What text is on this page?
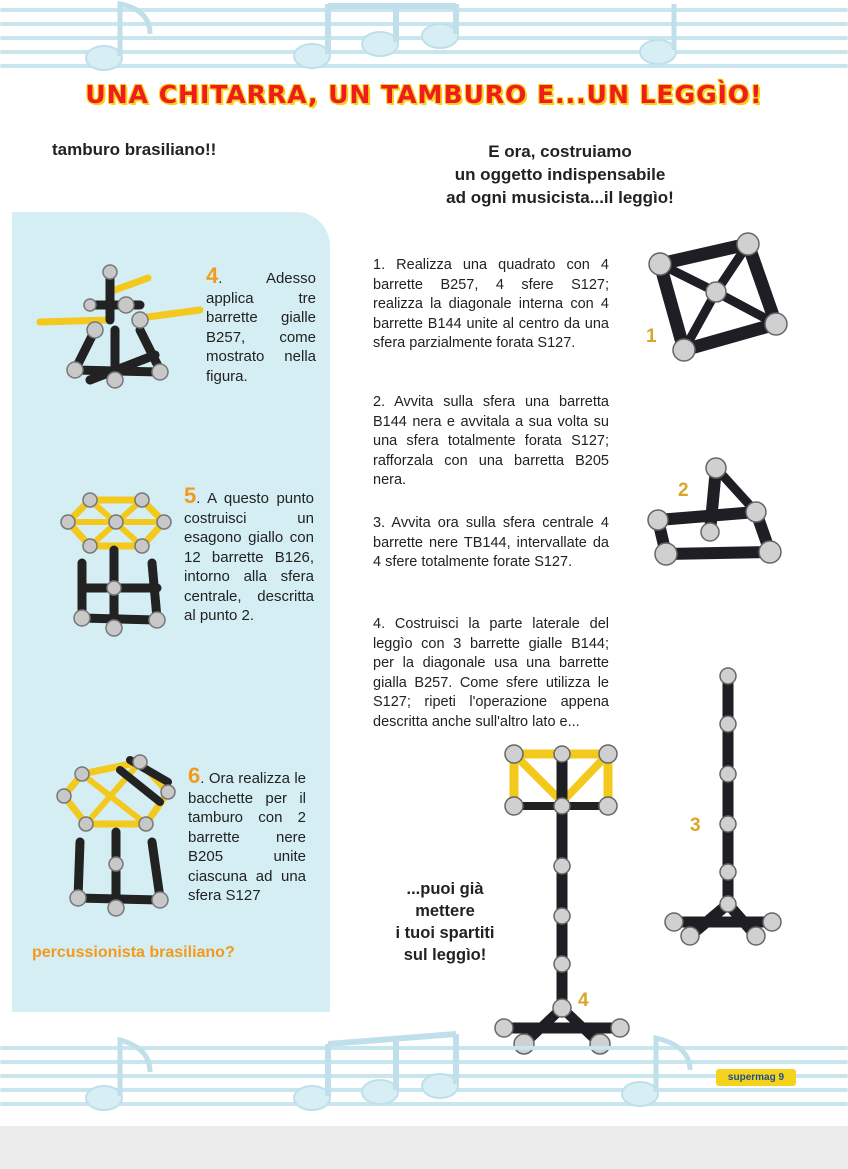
UNA CHITARRA, UN TAMBURO E...UN LEGGÌO!
tamburo brasiliano!!	E ora, costruiamo
un oggetto indispensabile
ad ogni musicista...il leggìo!
4. Adesso applica tre barrette gialle B257, come mostrato nella figura.
5. A questo punto costruisci un esagono giallo con 12 barrette B126, intorno alla sfera centrale, descritta al punto 2.
6. Ora realizza le bacchette per il tamburo con 2 barrette nere B205 unite ciascuna ad una sfera S127
percussionista brasiliano?
1. Realizza una quadrato con 4 barrette B257, 4 sfere S127; realizza la diagonale interna con 4 barrette B144 unite al centro da una sfera parzialmente forata S127.
2. Avvita sulla sfera una barretta B144 nera e avvitala a sua volta su una sfera totalmente forata S127; rafforzala con una barretta B205 nera.
3. Avvita ora sulla sfera centrale 4 barrette nere TB144, intervallate da 4 sfere totalmente forate S127.
4. Costruisci la parte laterale del leggìo con 3 barrette gialle B144; per la diagonale usa una barrette gialla B257. Come sfere utilizza le S127; ripeti l'operazione appena descritta anche sull'altro lato e...
1
2
3
4
...puoi già
mettere
i tuoi spartiti
sul leggìo!
supermag 9
